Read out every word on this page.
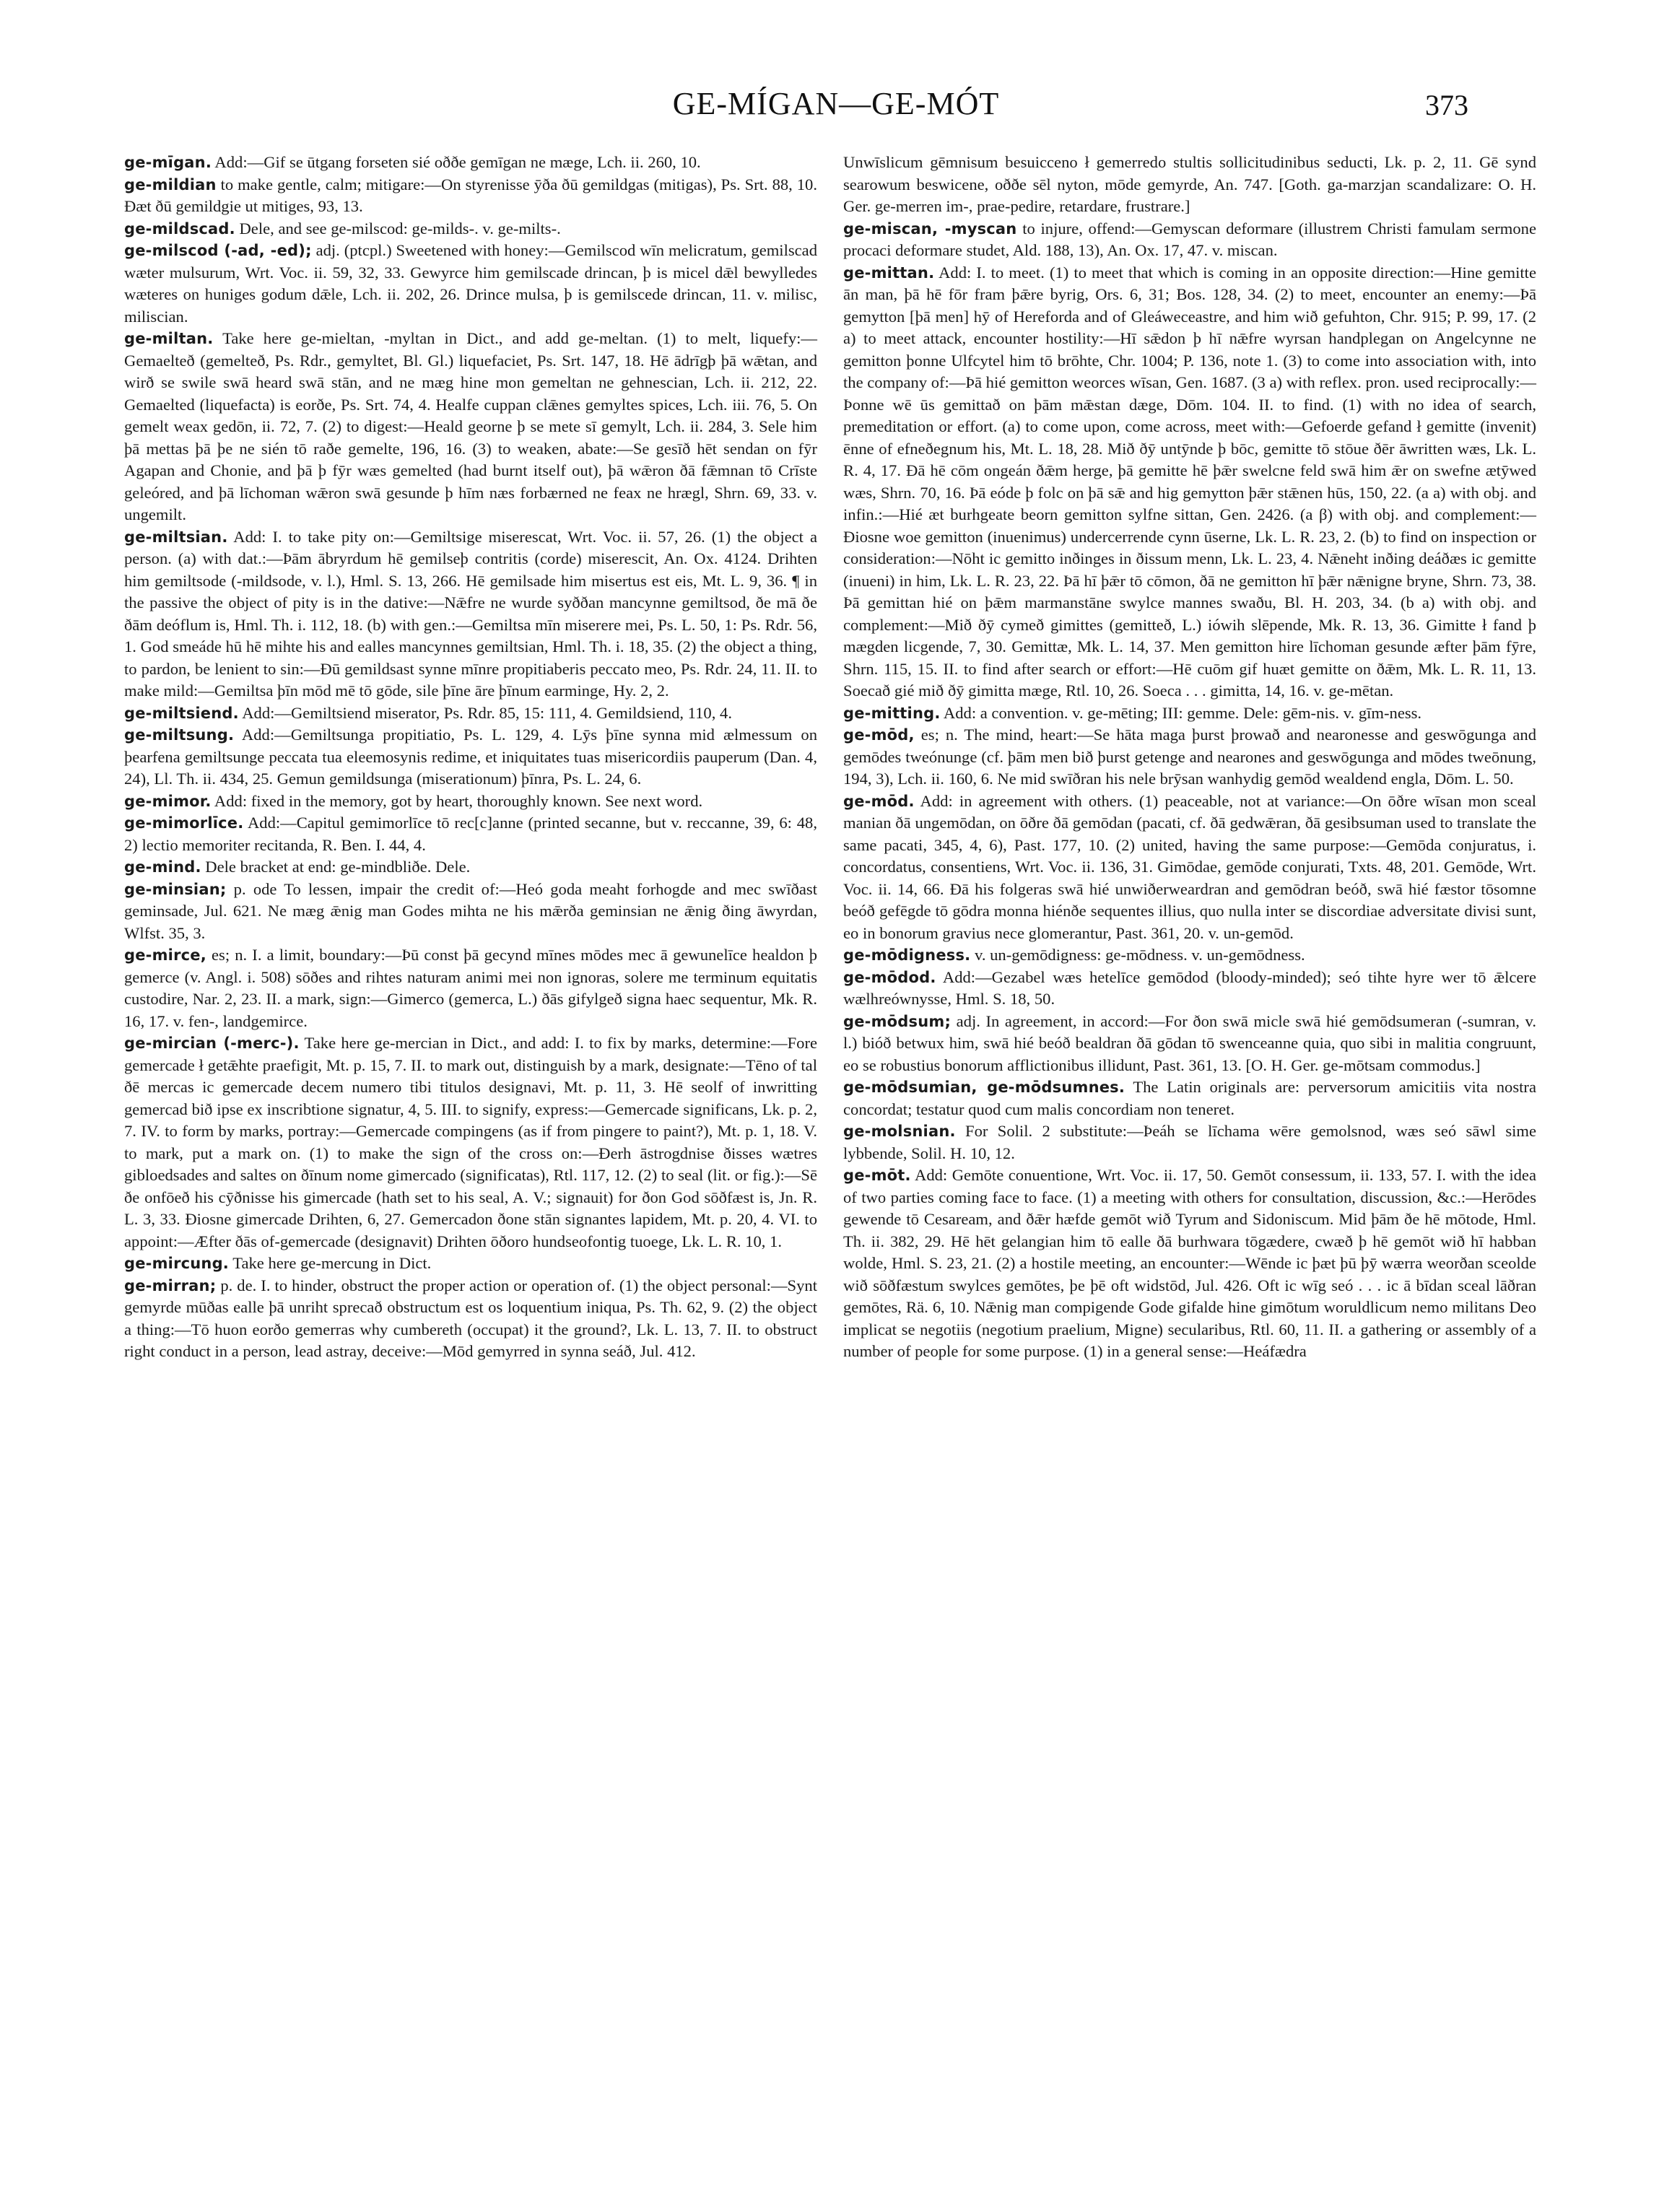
GE-MÍGAN—GE-MÓT	373

ge-mīgan. Add:—Gif se ūtgang forseten sié oððe gemīgan ne mæge, Lch. ii. 260, 10.

ge-mildian to make gentle, calm; mitigare:—On styrenisse ȳða ðū gemildgas (mitigas), Ps. Srt. 88, 10. Ðæt ðū gemildgie ut mitiges, 93, 13.

ge-mildscad. Dele, and see ge-milscod: ge-milds-. v. ge-milts-.

ge-milscod (-ad, -ed); adj. (ptcpl.) Sweetened with honey:—Gemilscod wīn melicratum, gemilscad wæter mulsurum, Wrt. Voc. ii. 59, 32, 33. Gewyrce him gemilscade drincan, þ is micel dǣl bewylledes wæteres on huniges godum dǣle, Lch. ii. 202, 26. Drince mulsa, þ is gemilscede drincan, 11. v. milisc, miliscian.

ge-miltan. Take here ge-mieltan, -myltan in Dict., and add ge-meltan. (1) to melt, liquefy:—Gemaelteð (gemelteð, Ps. Rdr., gemyltet, Bl. Gl.) liquefaciet, Ps. Srt. 147, 18. Hē ādrīgþ þā wǣtan, and wirð se swile swā heard swā stān, and ne mæg hine mon gemeltan ne gehnescian, Lch. ii. 212, 22. Gemaelted (liquefacta) is eorðe, Ps. Srt. 74, 4. Healfe cuppan clǣnes gemyltes spices, Lch. iii. 76, 5. On gemelt weax gedōn, ii. 72, 7. (2) to digest:—Heald georne þ se mete sī gemylt, Lch. ii. 284, 3. Sele him þā mettas þā þe ne sién tō raðe gemelte, 196, 16. (3) to weaken, abate:—Se gesīð hēt sendan on fȳr Agapan and Chonie, and þā þ fȳr wæs gemelted (had burnt itself out), þā wǣron ðā fǣmnan tō Crīste geleóred, and þā līchoman wǣron swā gesunde þ hīm næs forbærned ne feax ne hrægl, Shrn. 69, 33. v. ungemilt.

ge-miltsian. Add: I. to take pity on:—Gemiltsige miserescat, Wrt. Voc. ii. 57, 26. (1) the object a person. (a) with dat.:—Þām ābryrdum hē gemilseþ contritis (corde) miserescit, An. Ox. 4124. Drihten him gemiltsode (-mildsode, v. l.), Hml. S. 13, 266. Hē gemilsade him misertus est eis, Mt. L. 9, 36. ¶ in the passive the object of pity is in the dative:—Nǣfre ne wurde syððan mancynne gemiltsod, ðe mā ðe ðām deóflum is, Hml. Th. i. 112, 18. (b) with gen.:—Gemiltsa mīn miserere mei, Ps. L. 50, 1: Ps. Rdr. 56, 1. God smeáde hū hē mihte his and ealles mancynnes gemiltsian, Hml. Th. i. 18, 35. (2) the object a thing, to pardon, be lenient to sin:—Ðū gemildsast synne mīnre propitiaberis peccato meo, Ps. Rdr. 24, 11. II. to make mild:—Gemiltsa þīn mōd mē tō gōde, sile þīne āre þīnum earminge, Hy. 2, 2.

ge-miltsiend. Add:—Gemiltsiend miserator, Ps. Rdr. 85, 15: 111, 4. Gemildsiend, 110, 4.

ge-miltsung. Add:—Gemiltsunga propitiatio, Ps. L. 129, 4. Lȳs þīne synna mid ælmessum on þearfena gemiltsunge peccata tua eleemosynis redime, et iniquitates tuas misericordiis pauperum (Dan. 4, 24), Ll. Th. ii. 434, 25. Gemun gemildsunga (miserationum) þīnra, Ps. L. 24, 6.

ge-mimor. Add: fixed in the memory, got by heart, thoroughly known. See next word.

ge-mimorlīce. Add:—Capitul gemimorlīce tō rec[c]anne (printed secanne, but v. reccanne, 39, 6: 48, 2) lectio memoriter recitanda, R. Ben. I. 44, 4.

ge-mind. Dele bracket at end: ge-mindbliðe. Dele.

ge-minsian; p. ode To lessen, impair the credit of:—Heó goda meaht forhogde and mec swīðast geminsade, Jul. 621. Ne mæg ǣnig man Godes mihta ne his mǣrða geminsian ne ǣnig ðing āwyrdan, Wlfst. 35, 3.

ge-mirce, es; n. I. a limit, boundary:—Þū const þā gecynd mīnes mōdes mec ā gewunelīce healdon þ gemerce (v. Angl. i. 508) sōðes and rihtes naturam animi mei non ignoras, solere me terminum equitatis custodire, Nar. 2, 23. II. a mark, sign:—Gimerco (gemerca, L.) ðās gifylgeð signa haec sequentur, Mk. R. 16, 17. v. fen-, landgemirce.

ge-mircian (-merc-). Take here ge-mercian in Dict., and add: I. to fix by marks, determine:—Fore gemercade ł getǣhte praefigit, Mt. p. 15, 7. II. to mark out, distinguish by a mark, designate:—Tēno of tal ðē mercas ic gemercade decem numero tibi titulos designavi, Mt. p. 11, 3. Hē seolf of inwritting gemercad bið ipse ex inscribtione signatur, 4, 5. III. to signify, express:—Gemercade significans, Lk. p. 2, 7. IV. to form by marks, portray:—Gemercade compingens (as if from pingere to paint?), Mt. p. 1, 18. V. to mark, put a mark on. (1) to make the sign of the cross on:—Ðerh āstrogdnise ðisses wætres gibloedsades and saltes on ðīnum nome gimercado (significatas), Rtl. 117, 12. (2) to seal (lit. or fig.):—Sē ðe onfōeð his cȳðnisse his gimercade (hath set to his seal, A. V.; signauit) for ðon God sōðfæst is, Jn. R. L. 3, 33. Ðiosne gimercade Drihten, 6, 27. Gemercadon ðone stān signantes lapidem, Mt. p. 20, 4. VI. to appoint:—Æfter ðās of-gemercade (designavit) Drihten ōðoro hundseofontig tuoege, Lk. L. R. 10, 1.

ge-mircung. Take here ge-mercung in Dict.

ge-mirran; p. de. I. to hinder, obstruct the proper action or operation of. (1) the object personal:—Synt gemyrde mūðas ealle þā unriht sprecað obstructum est os loquentium iniqua, Ps. Th. 62, 9. (2) the object a thing:—Tō huon eorðo gemerras why cumbereth (occupat) it the ground?, Lk. L. 13, 7. II. to obstruct right conduct in a person, lead astray, deceive:—Mōd gemyrred in synna seáð, Jul. 412.

Unwīslicum gēmnisum besuicceno ł gemerredo stultis sollicitudinibus seducti, Lk. p. 2, 11. Gē synd searowum beswicene, oððe sēl nyton, mōde gemyrde, An. 747. [Goth. ga-marzjan scandalizare: O. H. Ger. ge-merren im-, prae-pedire, retardare, frustrare.]

ge-miscan, -myscan to injure, offend:—Gemyscan deformare (illustrem Christi famulam sermone procaci deformare studet, Ald. 188, 13), An. Ox. 17, 47. v. miscan.

ge-mittan. Add: I. to meet. (1) to meet that which is coming in an opposite direction:—Hine gemitte ān man, þā hē fōr fram þǣre byrig, Ors. 6, 31; Bos. 128, 34. (2) to meet, encounter an enemy:—Þā gemytton [þā men] hȳ of Hereforda and of Gleáweceastre, and him wið gefuhton, Chr. 915; P. 99, 17. (2 a) to meet attack, encounter hostility:—Hī sǣdon þ hī nǣfre wyrsan handplegan on Angelcynne ne gemitton þonne Ulfcytel him tō brōhte, Chr. 1004; P. 136, note 1. (3) to come into association with, into the company of:—Þā hié gemitton weorces wīsan, Gen. 1687. (3 a) with reflex. pron. used reciprocally:—Þonne wē ūs gemittað on þām mǣstan dæge, Dōm. 104. II. to find. (1) with no idea of search, premeditation or effort. (a) to come upon, come across, meet with:—Gefoerde gefand ł gemitte (invenit) ēnne of efneðegnum his, Mt. L. 18, 28. Mið ðȳ untȳnde þ bōc, gemitte tō stōue ðēr āwritten wæs, Lk. L. R. 4, 17. Ðā hē cōm ongeán ðǣm herge, þā gemitte hē þǣr swelcne feld swā him ǣr on swefne ætȳwed wæs, Shrn. 70, 16. Þā eóde þ folc on þā sǣ and hig gemytton þǣr stǣnen hūs, 150, 22. (a a) with obj. and infin.:—Hié æt burhgeate beorn gemitton sylfne sittan, Gen. 2426. (a β) with obj. and complement:—Ðiosne woe gemitton (inuenimus) undercerrende cynn ūserne, Lk. L. R. 23, 2. (b) to find on inspection or consideration:—Nōht ic gemitto inðinges in ðissum menn, Lk. L. 23, 4. Nǣneht inðing deáðæs ic gemitte (inueni) in him, Lk. L. R. 23, 22. Þā hī þǣr tō cōmon, ðā ne gemitton hī þǣr nǣnigne bryne, Shrn. 73, 38. Þā gemittan hié on þǣm marmanstāne swylce mannes swaðu, Bl. H. 203, 34. (b a) with obj. and complement:—Mið ðȳ cymeð gimittes (gemitteð, L.) iówih slēpende, Mk. R. 13, 36. Gimitte ł fand þ mægden licgende, 7, 30. Gemittæ, Mk. L. 14, 37. Men gemitton hire līchoman gesunde æfter þām fȳre, Shrn. 115, 15. II. to find after search or effort:—Hē cuōm gif huæt gemitte on ðǣm, Mk. L. R. 11, 13. Soecað gié mið ðȳ gimitta mæge, Rtl. 10, 26. Soeca . . . gimitta, 14, 16. v. ge-mētan.

ge-mitting. Add: a convention. v. ge-mēting; III: gemme. Dele: gēm-nis. v. gīm-ness.

ge-mōd, es; n. The mind, heart:—Se hāta maga þurst þrowað and nearonesse and geswōgunga and gemōdes tweónunge (cf. þām men bið þurst getenge and nearones and geswōgunga and mōdes tweōnung, 194, 3), Lch. ii. 160, 6. Ne mid swīðran his nele brȳsan wanhydig gemōd wealdend engla, Dōm. L. 50.

ge-mōd. Add: in agreement with others. (1) peaceable, not at variance:—On ōðre wīsan mon sceal manian ðā ungemōdan, on ōðre ðā gemōdan (pacati, cf. ðā gedwǣran, ðā gesibsuman used to translate the same pacati, 345, 4, 6), Past. 177, 10. (2) united, having the same purpose:—Gemōda conjuratus, i. concordatus, consentiens, Wrt. Voc. ii. 136, 31. Gimōdae, gemōde conjurati, Txts. 48, 201. Gemōde, Wrt. Voc. ii. 14, 66. Ðā his folgeras swā hié unwiðerweardran and gemōdran beóð, swā hié fæstor tōsomne beóð gefēgde tō gōdra monna hiénðe sequentes illius, quo nulla inter se discordiae adversitate divisi sunt, eo in bonorum gravius nece glomerantur, Past. 361, 20. v. un-gemōd.

ge-mōdigness. v. un-gemōdigness: ge-mōdness. v. un-gemōdness.

ge-mōdod. Add:—Gezabel wæs hetelīce gemōdod (bloody-minded); seó tihte hyre wer tō ǣlcere wælhreównysse, Hml. S. 18, 50.

ge-mōdsum; adj. In agreement, in accord:—For ðon swā micle swā hié gemōdsumeran (-sumran, v. l.) bióð betwux him, swā hié beóð bealdran ðā gōdan tō swenceanne quia, quo sibi in malitia congruunt, eo se robustius bonorum afflictionibus illidunt, Past. 361, 13. [O. H. Ger. ge-mōtsam commodus.]

ge-mōdsumian, ge-mōdsumnes. The Latin originals are: perversorum amicitiis vita nostra concordat; testatur quod cum malis concordiam non teneret.

ge-molsnian. For Solil. 2 substitute:—Þeáh se līchama wēre gemolsnod, wæs seó sāwl sime lybbende, Solil. H. 10, 12.

ge-mōt. Add: Gemōte conuentione, Wrt. Voc. ii. 17, 50. Gemōt consessum, ii. 133, 57. I. with the idea of two parties coming face to face. (1) a meeting with others for consultation, discussion, &c.:—Herōdes gewende tō Cesaream, and ðǣr hæfde gemōt wið Tyrum and Sidoniscum. Mid þām ðe hē mōtode, Hml. Th. ii. 382, 29. Hē hēt gelangian him tō ealle ðā burhwara tōgædere, cwæð þ hē gemōt wið hī habban wolde, Hml. S. 23, 21. (2) a hostile meeting, an encounter:—Wēnde ic þæt þū þȳ wærra weorðan sceolde wið sōðfæstum swylces gemōtes, þe þē oft widstōd, Jul. 426. Oft ic wīg seó . . . ic ā bīdan sceal lāðran gemōtes, Rä. 6, 10. Nǣnig man compigende Gode gifalde hine gimōtum woruldlicum nemo militans Deo implicat se negotiis (negotium praelium, Migne) secularibus, Rtl. 60, 11. II. a gathering or assembly of a number of people for some purpose. (1) in a general sense:—Heáfædra
